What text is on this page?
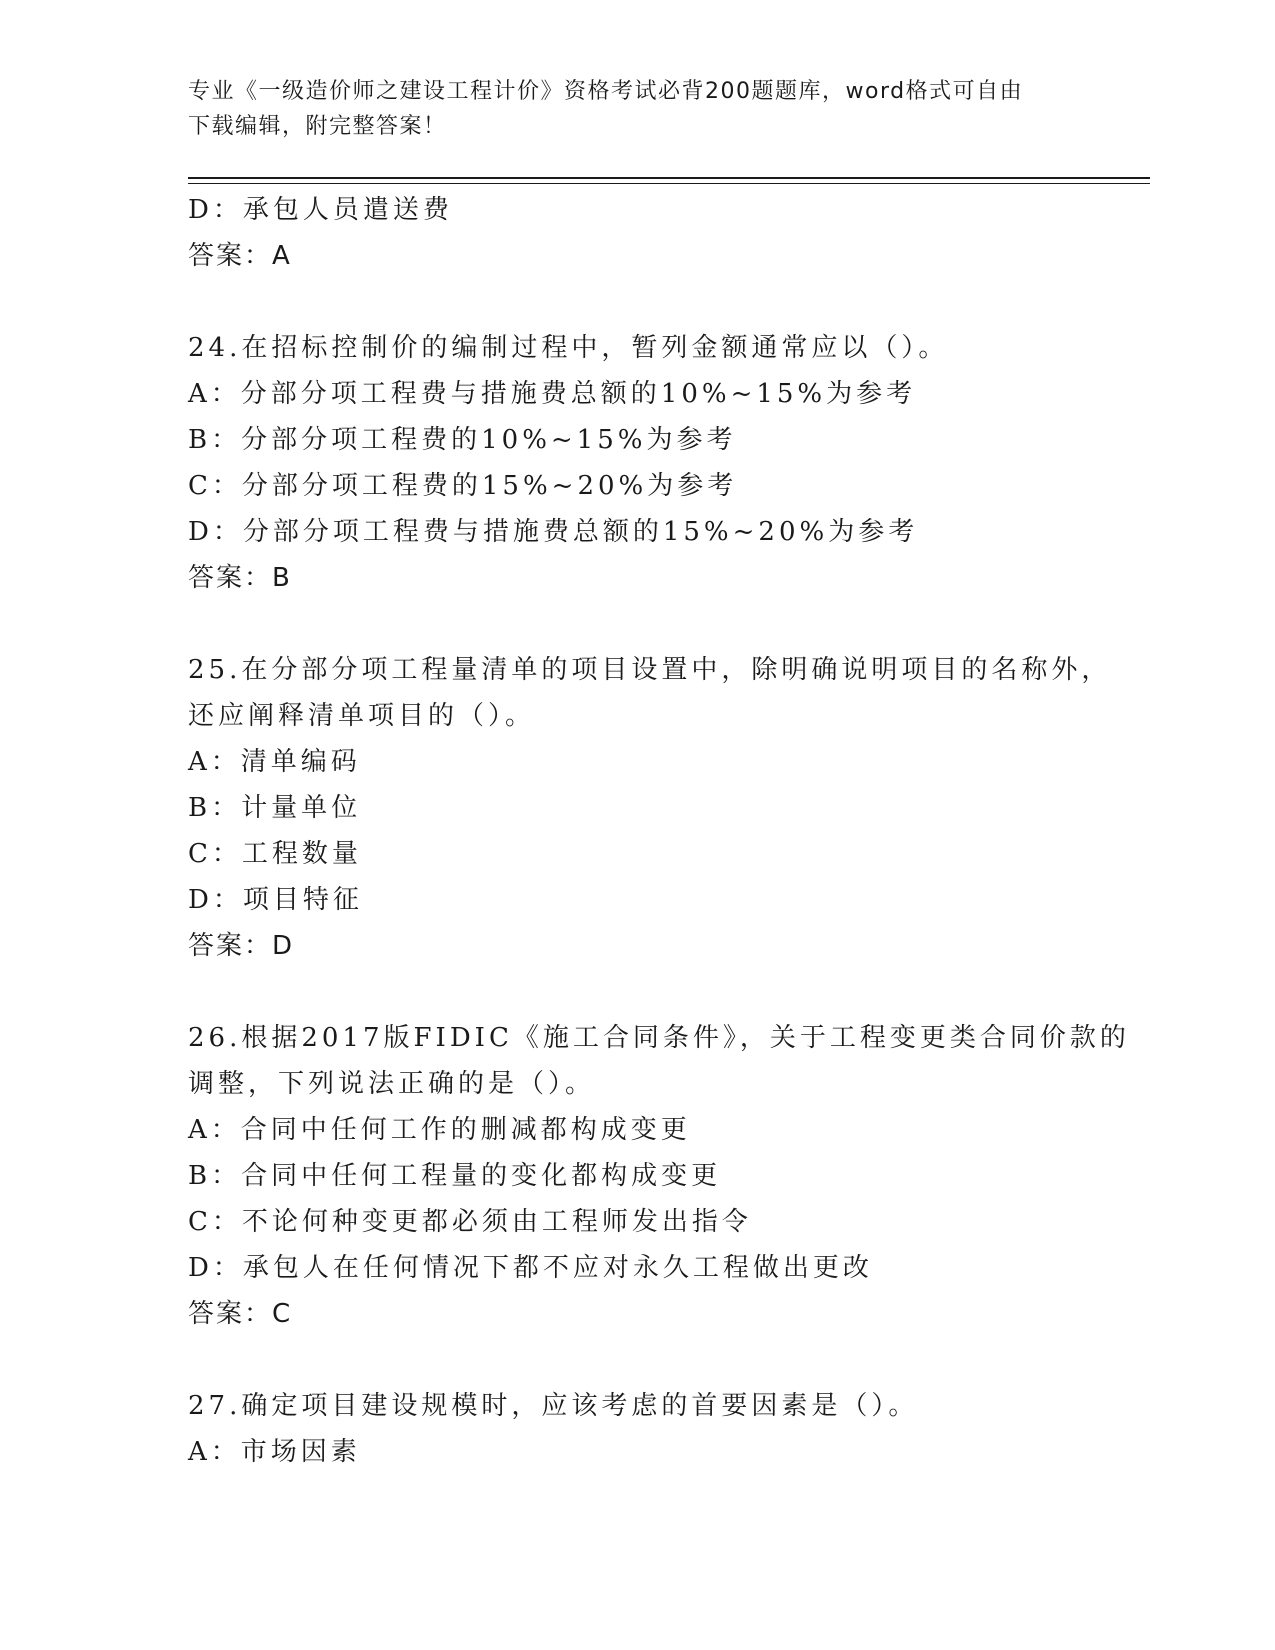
专业《一级造价师之建设工程计价》资格考试必背200题题库，word格式可自由
下载编辑，附完整答案！

D：承包人员遣送费

答案：A

24.在招标控制价的编制过程中，暂列金额通常应以（）。

A：分部分项工程费与措施费总额的10%~15%为参考

B：分部分项工程费的10%~15%为参考

C：分部分项工程费的15%~20%为参考

D：分部分项工程费与措施费总额的15%~20%为参考

答案：B

25.在分部分项工程量清单的项目设置中，除明确说明项目的名称外，

还应阐释清单项目的（）。

A：清单编码

B：计量单位

C：工程数量

D：项目特征

答案：D

26.根据2017版FIDIC《施工合同条件》，关于工程变更类合同价款的

调整，下列说法正确的是（）。

A：合同中任何工作的删减都构成变更

B：合同中任何工程量的变化都构成变更

C：不论何种变更都必须由工程师发出指令

D：承包人在任何情况下都不应对永久工程做出更改

答案：C

27.确定项目建设规模时，应该考虑的首要因素是（）。

A：市场因素
